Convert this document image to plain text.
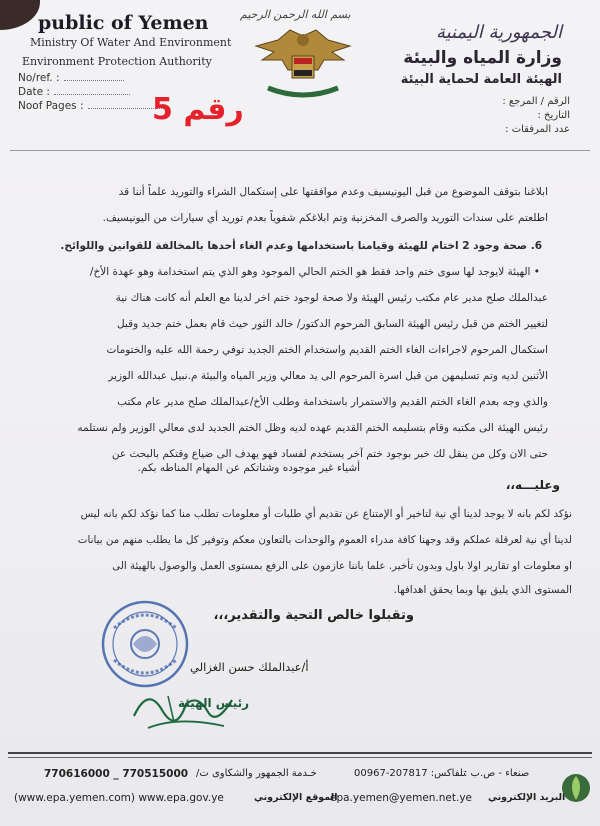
public of Yemen
Ministry Of Water And Environment
Environment Protection Authority
No/ref. :
Date :
Noof Pages :
بسم الله الرحمن الرحيم
الجمهورية اليمنية
وزارة المياه والبيئة
الهيئة العامة لحماية البيئة
الرقم / المرجع :
التاريخ :
عدد المرفقات :
رقم 5
ابلاغنا بتوقف الموضوع من قبل اليونيسيف وعدم موافقتها على إستكمال الشراء والتوريد علماً أننا قد
اطلعتم على سندات التوريد والصرف المخزنية وتم ابلاغكم شفوياً بعدم توريد أي سيارات من اليونيسيف.
6. صحة وجود 2 اختام للهيئة وقيامنا باستخدامها وعدم الغاء أحدها بالمخالفة للقوانين واللوائح.
• الهيئة لايوجد لها سوى ختم واحد فقط هو الختم الحالي الموجود وهو الذي يتم استخدامة وهو عهدة الأخ/
عبدالملك صلح مدير عام مكتب رئيس الهيئة ولا صحة لوجود ختم اخر لدينا مع العلم أنه كانت هناك نية
لتغيير الختم من قبل رئيس الهيئة السابق المرحوم الدكتور/ خالد الثور حيث قام بعمل ختم جديد وقبل
استكمال المرحوم لاجراءات الغاء الختم القديم واستخدام الختم الجديد توفي رحمة الله عليه والختومات
الأثنين لديه وتم تسليمهن من قبل اسرة المرحوم الى يد معالي وزير المياه والبيئة م.نبيل عبدالله الوزير
والذي وجه بعدم الغاء الختم القديم والاستمرار باستخدامة وطلب الأخ/عبدالملك صلح مدير عام مكتب
رئيس الهيئة الى مكتبه وقام بتسليمه الختم القديم عهده لديه وظل الختم الجديد لدى معالي الوزير ولم نستلمه
حتى الان وكل من ينقل لك خبر بوجود ختم آخر يستخدم لفساد فهو يهدف الى ضياع وقتكم بالبحث عن
أشياء غير موجوده وشتاتكم عن المهام المناطه بكم.
وعليـــه،،
نؤكد لكم بانه لا يوجد لدينا أي نية لتاخير أو الإمتناع عن تقديم أي طلبات أو معلومات تطلب منا كما نؤكد لكم بانه ليس
لدينا أي نية لعرقلة عملكم وقد وجهنا كافة مدراء العموم والوحدات بالتعاون معكم وتوفير كل ما يطلب منهم من بيانات
او معلومات او تقارير اولا باول وبدون تأخير. علما باننا عازمون على الرفع بمستوى العمل والوصول بالهيئة الى
المستوى الذي يليق بها وبما يحقق اهدافها.
وتقبلوا خالص التحية والتقدير،،،
أ/عبدالملك حسن الغزالي
رئيس الهيئة
770616000 _ 770515000 خـدمة الجمهور والشكاوى ت/	تلفاكس: 207817-00967
صنعاء - ص.ب :
(www.epa.yemen.com) www.epa.gov.ye	الموقع الإلكتروني
epa.yemen@yemen.net.ye البريد الإلكتروني
